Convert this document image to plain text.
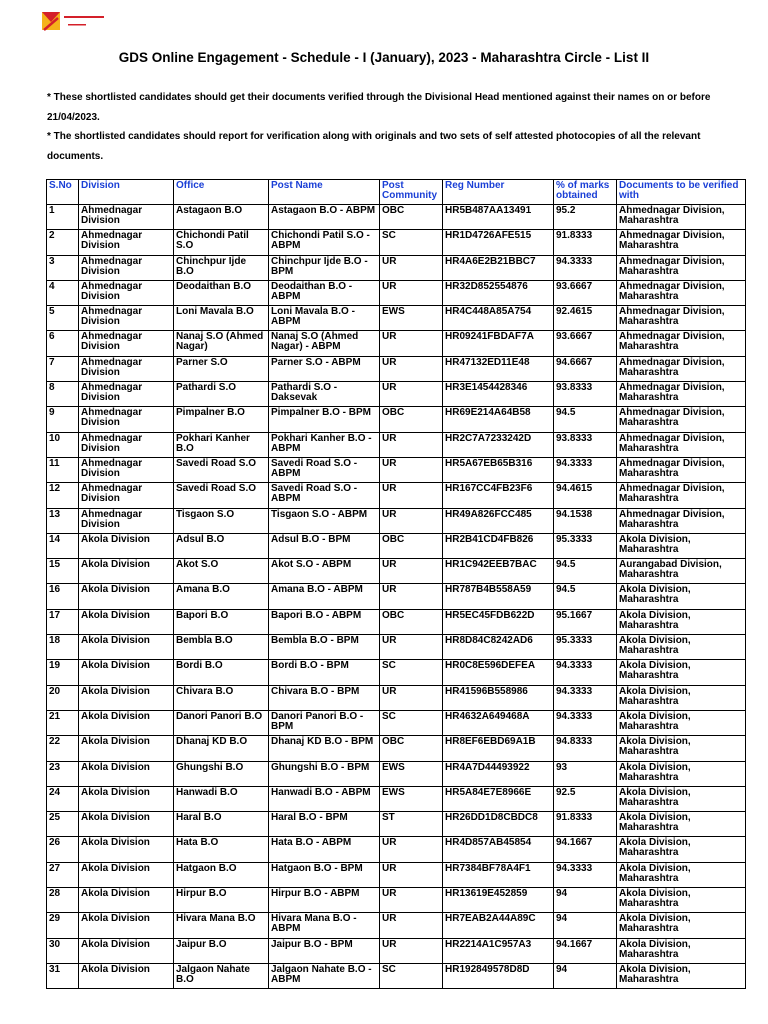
GDS Online Engagement - Schedule - I (January), 2023 - Maharashtra Circle - List II

* These shortlisted candidates should get their documents verified through the Divisional Head mentioned against their names on or before 21/04/2023.

* The shortlisted candidates should report for verification along with originals and two sets of self attested photocopies of all the relevant documents.

S.No	Division	Office	Post Name	Post Community	Reg Number	% of marks obtained	Documents to be verified with
1	Ahmednagar Division	Astagaon B.O	Astagaon B.O - ABPM	OBC	HR5B487AA13491	95.2	Ahmednagar Division, Maharashtra
2	Ahmednagar Division	Chichondi Patil S.O	Chichondi Patil S.O - ABPM	SC	HR1D4726AFE515	91.8333	Ahmednagar Division, Maharashtra
3	Ahmednagar Division	Chinchpur Ijde B.O	Chinchpur Ijde B.O - BPM	UR	HR4A6E2B21BBC7	94.3333	Ahmednagar Division, Maharashtra
4	Ahmednagar Division	Deodaithan B.O	Deodaithan B.O - ABPM	UR	HR32D852554876	93.6667	Ahmednagar Division, Maharashtra
5	Ahmednagar Division	Loni Mavala B.O	Loni Mavala B.O - ABPM	EWS	HR4C448A85A754	92.4615	Ahmednagar Division, Maharashtra
6	Ahmednagar Division	Nanaj S.O (Ahmed Nagar)	Nanaj S.O (Ahmed Nagar) - ABPM	UR	HR09241FBDAF7A	93.6667	Ahmednagar Division, Maharashtra
7	Ahmednagar Division	Parner S.O	Parner S.O - ABPM	UR	HR47132ED11E48	94.6667	Ahmednagar Division, Maharashtra
8	Ahmednagar Division	Pathardi S.O	Pathardi S.O - Daksevak	UR	HR3E1454428346	93.8333	Ahmednagar Division, Maharashtra
9	Ahmednagar Division	Pimpalner B.O	Pimpalner B.O - BPM	OBC	HR69E214A64B58	94.5	Ahmednagar Division, Maharashtra
10	Ahmednagar Division	Pokhari Kanher B.O	Pokhari Kanher B.O - ABPM	UR	HR2C7A7233242D	93.8333	Ahmednagar Division, Maharashtra
11	Ahmednagar Division	Savedi Road S.O	Savedi Road S.O - ABPM	UR	HR5A67EB65B316	94.3333	Ahmednagar Division, Maharashtra
12	Ahmednagar Division	Savedi Road S.O	Savedi Road S.O - ABPM	UR	HR167CC4FB23F6	94.4615	Ahmednagar Division, Maharashtra
13	Ahmednagar Division	Tisgaon S.O	Tisgaon S.O - ABPM	UR	HR49A826FCC485	94.1538	Ahmednagar Division, Maharashtra
14	Akola Division	Adsul B.O	Adsul B.O - BPM	OBC	HR2B41CD4FB826	95.3333	Akola Division, Maharashtra
15	Akola Division	Akot S.O	Akot S.O - ABPM	UR	HR1C942EEB7BAC	94.5	Aurangabad Division, Maharashtra
16	Akola Division	Amana B.O	Amana B.O - ABPM	UR	HR787B4B558A59	94.5	Akola Division, Maharashtra
17	Akola Division	Bapori B.O	Bapori B.O - ABPM	OBC	HR5EC45FDB622D	95.1667	Akola Division, Maharashtra
18	Akola Division	Bembla B.O	Bembla B.O - BPM	UR	HR8D84C8242AD6	95.3333	Akola Division, Maharashtra
19	Akola Division	Bordi B.O	Bordi B.O - BPM	SC	HR0C8E596DEFEA	94.3333	Akola Division, Maharashtra
20	Akola Division	Chivara B.O	Chivara B.O - BPM	UR	HR41596B558986	94.3333	Akola Division, Maharashtra
21	Akola Division	Danori Panori B.O	Danori Panori B.O - BPM	SC	HR4632A649468A	94.3333	Akola Division, Maharashtra
22	Akola Division	Dhanaj KD B.O	Dhanaj KD B.O - BPM	OBC	HR8EF6EBD69A1B	94.8333	Akola Division, Maharashtra
23	Akola Division	Ghungshi B.O	Ghungshi B.O - BPM	EWS	HR4A7D44493922	93	Akola Division, Maharashtra
24	Akola Division	Hanwadi B.O	Hanwadi B.O - ABPM	EWS	HR5A84E7E8966E	92.5	Akola Division, Maharashtra
25	Akola Division	Haral B.O	Haral B.O - BPM	ST	HR26DD1D8CBDC8	91.8333	Akola Division, Maharashtra
26	Akola Division	Hata B.O	Hata B.O - ABPM	UR	HR4D857AB45854	94.1667	Akola Division, Maharashtra
27	Akola Division	Hatgaon B.O	Hatgaon B.O - BPM	UR	HR7384BF78A4F1	94.3333	Akola Division, Maharashtra
28	Akola Division	Hirpur B.O	Hirpur B.O - ABPM	UR	HR13619E452859	94	Akola Division, Maharashtra
29	Akola Division	Hivara Mana B.O	Hivara Mana B.O - ABPM	UR	HR7EAB2A44A89C	94	Akola Division, Maharashtra
30	Akola Division	Jaipur B.O	Jaipur B.O - BPM	UR	HR2214A1C957A3	94.1667	Akola Division, Maharashtra
31	Akola Division	Jalgaon Nahate B.O	Jalgaon Nahate B.O - ABPM	SC	HR192849578D8D	94	Akola Division, Maharashtra
